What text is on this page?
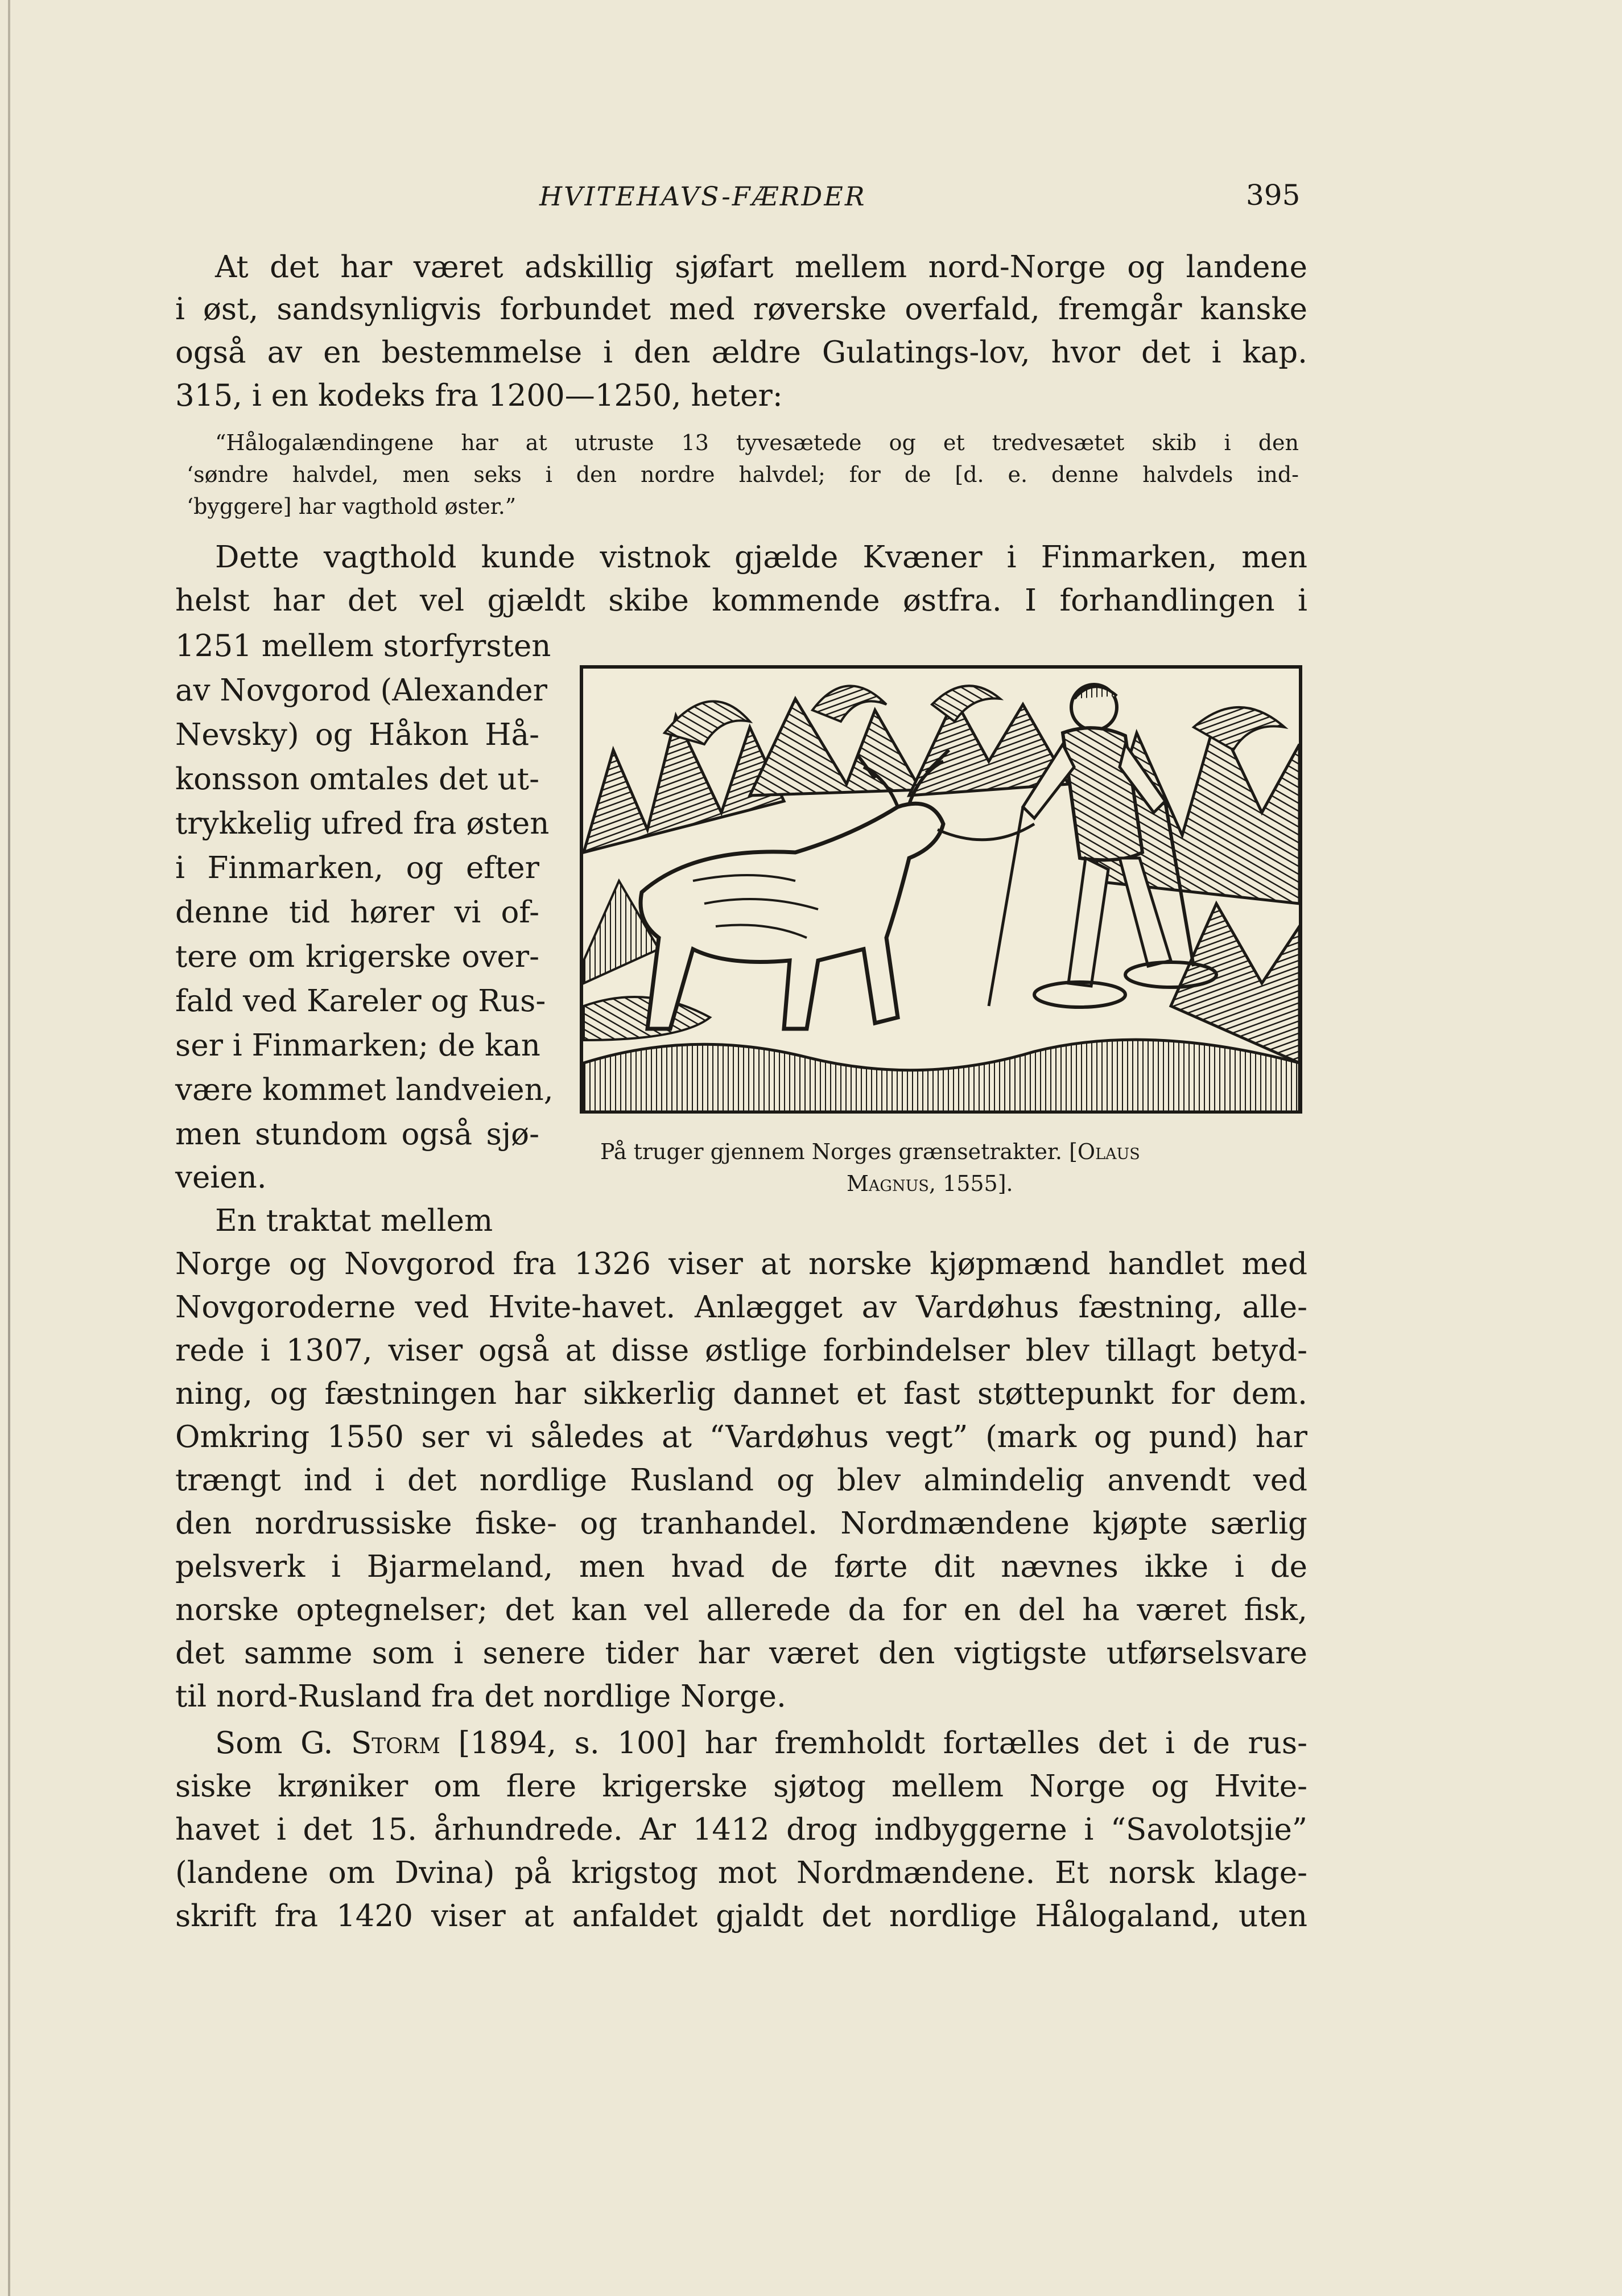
HVITEHAVS-FÆRDER	395
At det har været adskillig sjøfart mellem nord-Norge og landene
i øst, sandsynligvis forbundet med røverske overfald, fremgår kanske
også av en bestemmelse i den ældre Gulatings-lov, hvor det i kap.
315, i en kodeks fra 1200—1250, heter:
“Hålogalændingene har at utruste 13 tyvesætede og et tredvesætet skib i den
‘søndre halvdel, men seks i den nordre halvdel; for de [d. e. denne halvdels ind-
‘byggere] har vagthold øster.”
Dette vagthold kunde vistnok gjælde Kvæner i Finmarken, men
helst har det vel gjældt skibe kommende østfra. I forhandlingen i
1251 mellem storfyrsten
av Novgorod (Alexander
Nevsky) og Håkon Hå-
konsson omtales det ut-
trykkelig ufred fra østen
i Finmarken, og efter
denne tid hører vi of-
tere om krigerske over-
fald ved Kareler og Rus-
ser i Finmarken; de kan
være kommet landveien,
men stundom også sjø-
veien.
En traktat mellem
Norge og Novgorod fra 1326 viser at norske kjøpmænd handlet med
Novgoroderne ved Hvite-havet. Anlægget av Vardøhus fæstning, alle-
rede i 1307, viser også at disse østlige forbindelser blev tillagt betyd-
ning, og fæstningen har sikkerlig dannet et fast støttepunkt for dem.
Omkring 1550 ser vi således at “Vardøhus vegt” (mark og pund) har
trængt ind i det nordlige Rusland og blev almindelig anvendt ved
den nordrussiske fiske- og tranhandel. Nordmændene kjøpte særlig
pelsverk i Bjarmeland, men hvad de førte dit nævnes ikke i de
norske optegnelser; det kan vel allerede da for en del ha været fisk,
det samme som i senere tider har været den vigtigste utførselsvare
til nord-Rusland fra det nordlige Norge.
Som G. Storm [1894, s. 100] har fremholdt fortælles det i de rus-
siske krøniker om flere krigerske sjøtog mellem Norge og Hvite-
havet i det 15. århundrede. Ar 1412 drog indbyggerne i “Savolotsjie”
(landene om Dvina) på krigstog mot Nordmændene. Et norsk klage-
skrift fra 1420 viser at anfaldet gjaldt det nordlige Hålogaland, uten
På truger gjennem Norges grænsetrakter. [Olaus
Magnus, 1555].
